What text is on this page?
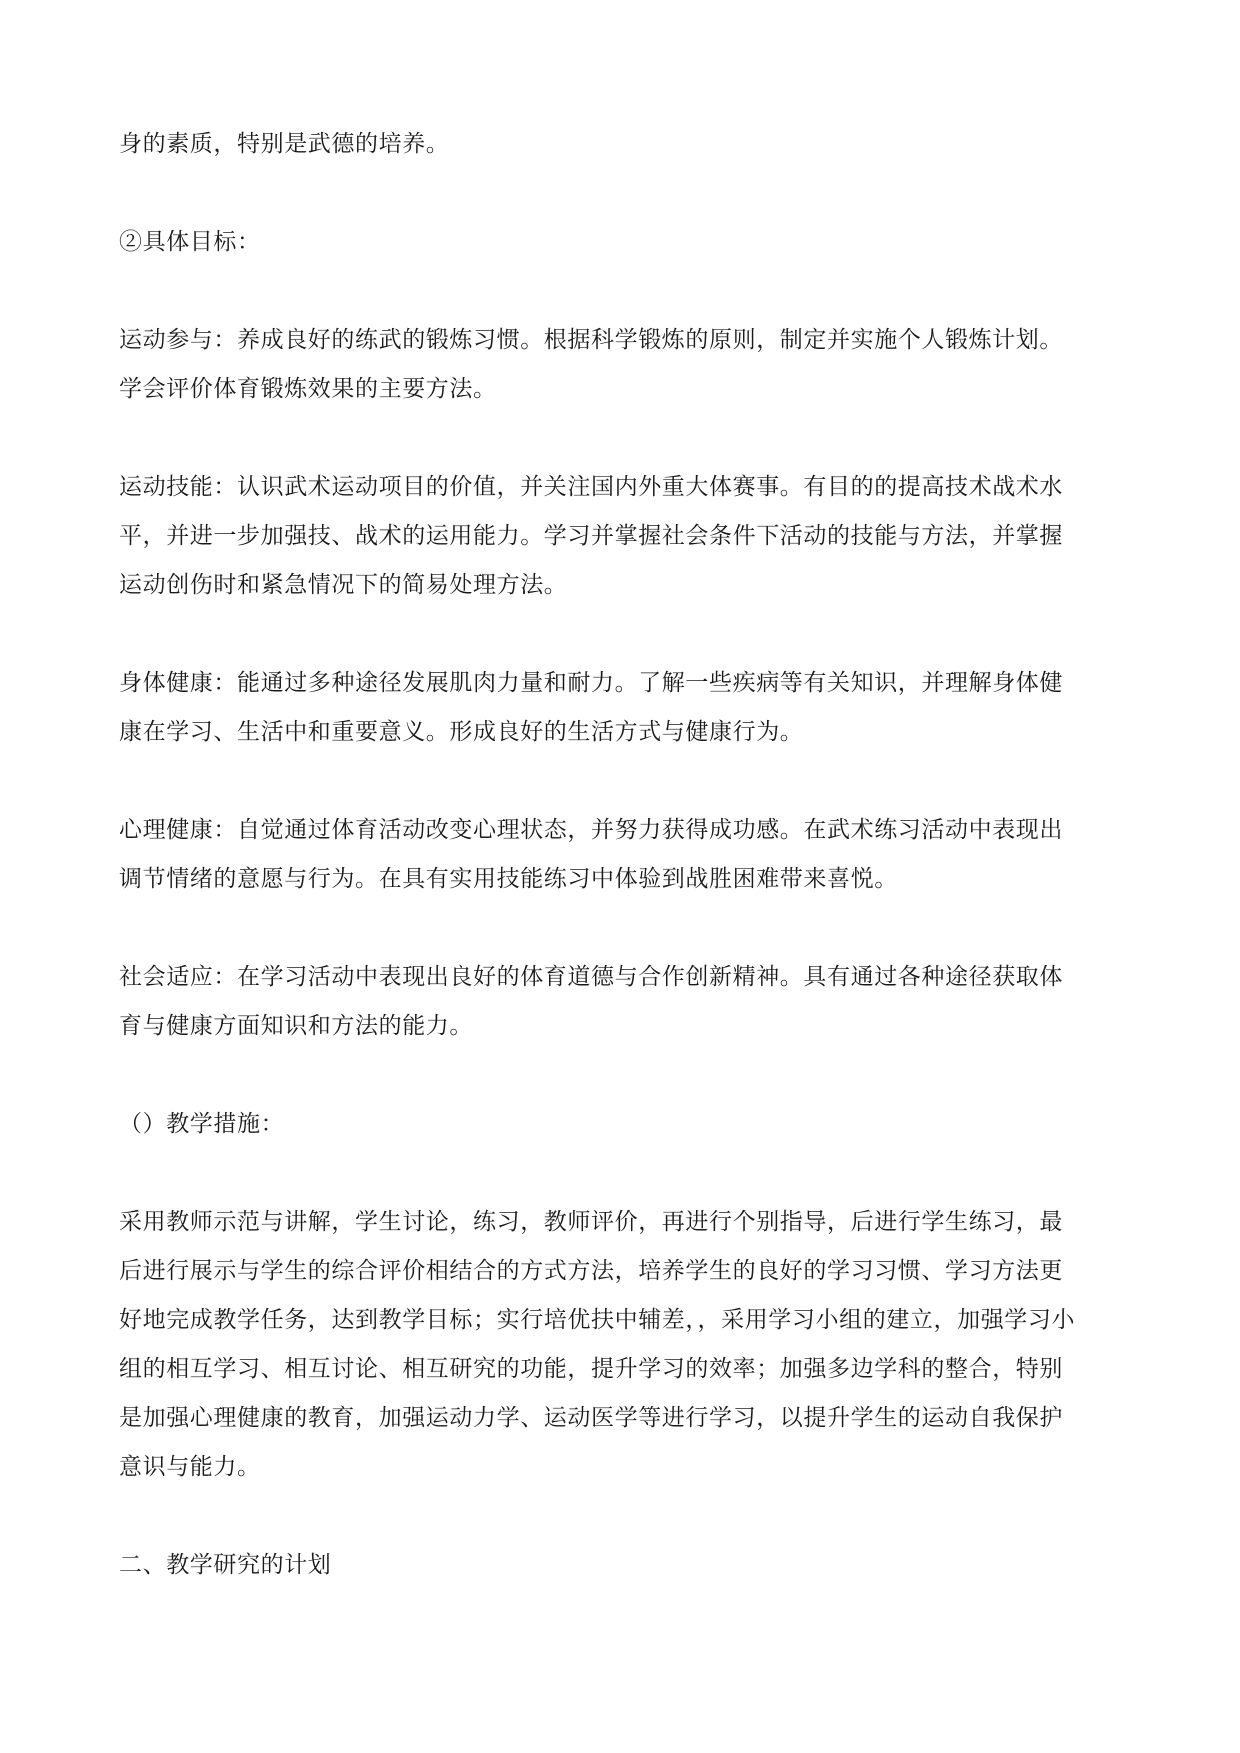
身的素质，特别是武德的培养。
②具体目标：
运动参与：养成良好的练武的锻炼习惯。根据科学锻炼的原则，制定并实施个人锻炼计划。
学会评价体育锻炼效果的主要方法。
运动技能：认识武术运动项目的价值，并关注国内外重大体赛事。有目的的提高技术战术水
平，并进一步加强技、战术的运用能力。学习并掌握社会条件下活动的技能与方法，并掌握
运动创伤时和紧急情况下的简易处理方法。
身体健康：能通过多种途径发展肌肉力量和耐力。了解一些疾病等有关知识，并理解身体健
康在学习、生活中和重要意义。形成良好的生活方式与健康行为。
心理健康：自觉通过体育活动改变心理状态，并努力获得成功感。在武术练习活动中表现出
调节情绪的意愿与行为。在具有实用技能练习中体验到战胜困难带来喜悦。
社会适应：在学习活动中表现出良好的体育道德与合作创新精神。具有通过各种途径获取体
育与健康方面知识和方法的能力。
（）教学措施：
采用教师示范与讲解，学生讨论，练习，教师评价，再进行个别指导，后进行学生练习，最
后进行展示与学生的综合评价相结合的方式方法，培养学生的良好的学习习惯、学习方法更
好地完成教学任务，达到教学目标；实行培优扶中辅差，，采用学习小组的建立，加强学习小
组的相互学习、相互讨论、相互研究的功能，提升学习的效率；加强多边学科的整合，特别
是加强心理健康的教育，加强运动力学、运动医学等进行学习，以提升学生的运动自我保护
意识与能力。
二、教学研究的计划
